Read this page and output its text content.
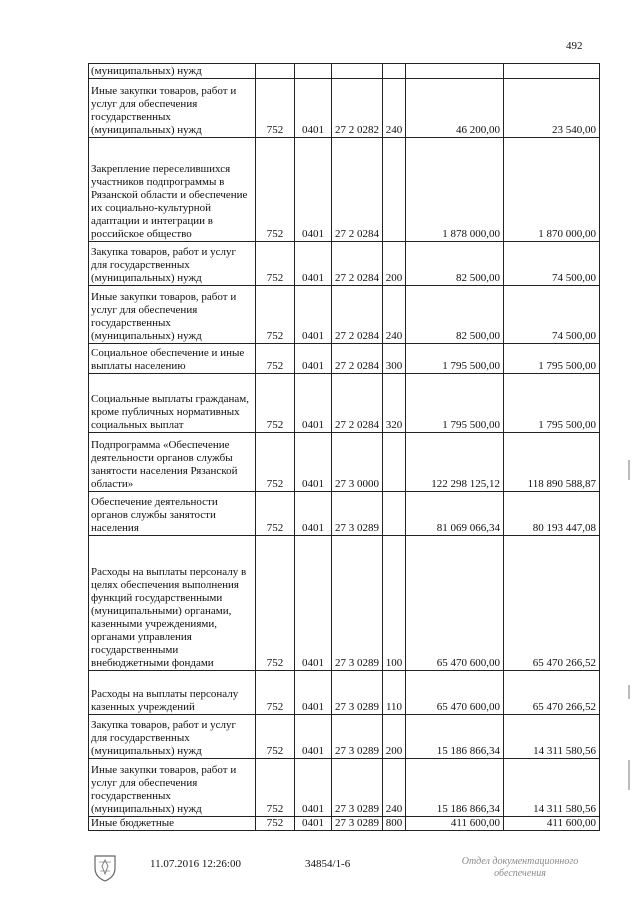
492
(муниципальных) нужд						
Иные закупки товаров, работ и услуг для обеспечения государственных (муниципальных) нужд	752	0401	27 2 0282	240	46 200,00	23 540,00
Закрепление переселившихся участников подпрограммы в Рязанской области и обеспечение их социально-культурной адаптации и интеграции в российское общество	752	0401	27 2 0284		1 878 000,00	1 870 000,00
Закупка товаров, работ и услуг для государственных (муниципальных) нужд	752	0401	27 2 0284	200	82 500,00	74 500,00
Иные закупки товаров, работ и услуг для обеспечения государственных (муниципальных) нужд	752	0401	27 2 0284	240	82 500,00	74 500,00
Социальное обеспечение и иные выплаты населению	752	0401	27 2 0284	300	1 795 500,00	1 795 500,00
Социальные выплаты гражданам, кроме публичных нормативных социальных выплат	752	0401	27 2 0284	320	1 795 500,00	1 795 500,00
Подпрограмма «Обеспечение деятельности органов службы занятости населения Рязанской области»	752	0401	27 3 0000		122 298 125,12	118 890 588,87
Обеспечение деятельности органов службы занятости населения	752	0401	27 3 0289		81 069 066,34	80 193 447,08
Расходы на выплаты персоналу в целях обеспечения выполнения функций государственными (муниципальными) органами, казенными учреждениями, органами управления государственными внебюджетными фондами	752	0401	27 3 0289	100	65 470 600,00	65 470 266,52
Расходы на выплаты персоналу казенных учреждений	752	0401	27 3 0289	110	65 470 600,00	65 470 266,52
Закупка товаров, работ и услуг для государственных (муниципальных) нужд	752	0401	27 3 0289	200	15 186 866,34	14 311 580,56
Иные закупки товаров, работ и услуг для обеспечения государственных (муниципальных) нужд	752	0401	27 3 0289	240	15 186 866,34	14 311 580,56
Иные бюджетные	752	0401	27 3 0289	800	411 600,00	411 600,00
11.07.2016 12:26:00	34854/1-6	Отдел документационного обеспечения
